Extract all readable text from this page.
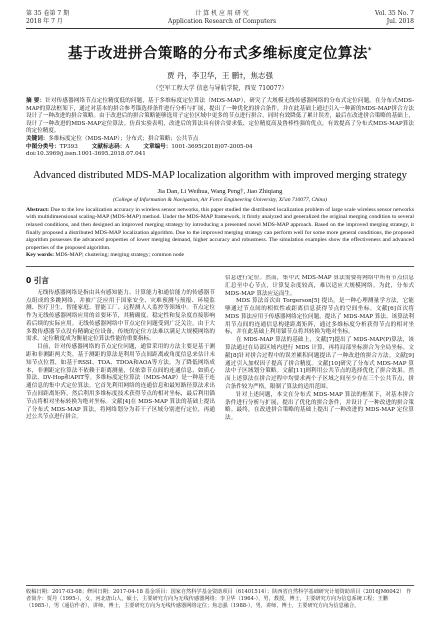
第 35 卷第 7 期
2018 年 7 月
计 算 机 应 用 研 究
Application Research of Computers
Vol. 35 No. 7
Jul. 2018
基于改进拼合策略的分布式多维标度定位算法*
贾 丹，李卫华，王 鹏†，焦志强
（空军工程大学 信息与导航学院，西安 710077）
摘 要：针对传感器网络节点定位精度低的问题，基于多维标度定位算法（MDS-MAP），研究了大规模无线传感器网络的分布式定位问题。在分布式MDS-MAP的算法框架下，通过对基本的拼合参考锚选择条件进行分析与扩展，提出了一种优化的拼合条件，并在此基础上通过引入一种新的MDS-MAP拼合方法设计了一种改进的拼合策略。由于改进后的拼合策略能够选用子定位区域中更多的节点进行拼合，同时有效降低了累计误差，最后在改进拼合策略的基础上，设计了一种改进的MDS-MAP定位算法。仿真实验表明，改进后的算法具有拼合要求低、定位精度高及鲁棒性强的优点，有效提高了分布式MDS-MAP算法的定位精度。
关键词：多维标度定位（MDS-MAP）；分布式；拼合策略；公共节点
中图分类号：TP393	文献标志码：A	文章编号：1001-3695(2018)07-2005-04
doi:10.3969/j.issn.1001-3695.2018.07.041
Advanced distributed MDS-MAP localization algorithm with improved merging strategy
Jia Dan, Li Weihua, Wang Peng†, Jiao Zhiqiang
(College of Information & Navigation, Air Force Engineering University, Xi'an 710077, China)
Abstract: Due to the low localization accuracy in wireless sensor networks, this paper studied the distributed localization problem of large scale wireless sensor networks with multidimensional scaling-MAP (MDS-MAP) method. Under the MDS-MAP framework, it firstly analyzed and generalized the original merging condition to several relaxed conditions, and then designed an improved merging strategy by introducing a presented novel MDS-MAP approach. Based on the improved merging strategy, it finally proposed a distributed MDS-MAP localization algorithm. Due to the improved merging strategy can perform well for some more general conditions, the proposed algorithm possesses the advanced properties of lower merging demand, higher accuracy and robustness. The simulation examples show the effectiveness and advanced properties of the proposed algorithm.
Key words: MDS-MAP; clustering; merging strategy; common node
0 引言

无线传感器网络是指由具有感知能力、计算能力和通信能力的传感器节点组成的多跳网络，并被广泛应用于国家安全、灾难预测与预报、环境监测、医疗卫生、智能家庭、智能工厂、远程测人人监控等领域中。节点定位作为无线传感器网络应用的首要环节，其精确度、稳定性和复杂度直接影响着后续的实际应用。无线传感器网络中节点定位问题受到广泛关注。由于大多数传感器节点没有精确定位设备，传统的定位方法难以满足大规模网络的需求。定位精度成为衡量定位算法性能的重要指标。

目前，针对传感器网络的节点定位问题，通常采用的方法主要是基于测距和非测距两大类。基于测距的算法是利用节点间距离或角度信息来估计未知节点位置，如基于RSSI、TOA、TDOA和AOA等方法。为了降低网络成本，非测距定位算法不依赖于距离测量，仅依靠节点间的连通信息，如质心算法、DV-Hop和APIT等。多维标度定位算法（MDS-MAP）是一种基于连通信息的集中式定位算法。它首先利用网络的连通信息和最短路径算法求出节点间距离矩阵，然后利用多维标度技术获得节点的相对坐标，最后利用锚节点将相对坐标转换为绝对坐标。文献[4]在 MDS-MAP 算法的基础上提出了分布式 MDS-MAP 算法，将网络划分为若干子区域分别进行定位，再通过公共节点进行拼合。

信息进行定位。然而，集中式 MDS-MAP 算法需要将网络中所有节点信息汇总至中心节点，计算复杂度较高，难以适应大规模网络。为此，分布式 MDS-MAP 算法应运而生。

MDS 算法首次由 Torgerson[5] 提出，是一种心理测量学方法，它能够通过节点间的相似性或距离信息获得节点的空间坐标。文献[6]首次将 MDS 算法应用于传感器网络定位问题，提出了 MDS-MAP 算法。该算法利用节点间的连通信息构建距离矩阵，通过多维标度分析获得节点的相对坐标，并在此基础上利用锚节点将其转换为绝对坐标。

在 MDS-MAP 算法的基础上，文献[7]提出了 MDS-MAP(P)算法，该算法通过在局部区域内进行 MDS 计算，再将局部坐标拼合为全局坐标。文献[8]针对拼合过程中的误差累积问题提出了一种改进的拼合方法。文献[9]通过引入加权因子提高了拼合精度。文献[10]研究了分布式 MDS-MAP 算法中子区域划分策略。文献[11]则利用公共节点的选择优化了拼合效果。然而上述算法在拼合过程中均要求两个子区域之间至少存在三个公共节点，拼合条件较为严格，限制了算法的适用范围。

针对上述问题，本文在分布式 MDS-MAP 算法的框架下，对基本拼合条件进行分析与扩展，提出了优化的拼合条件，并设计了一种改进的拼合策略。最终，在改进拼合策略的基础上提出了一种改进的 MDS-MAP 定位算法。

收稿日期：2017-03-08；修回日期：2017-04-18 基金项目：国家自然科学基金资助项目（61401514）；陕西省自然科学基础研究计划资助项目（2016JM6042） 作者简介：贾丹（1995-），女，河北唐山人，硕士，主要研究方向为无线传感器网络；李卫华（1964-），男，教授，博士，主要研究方向为信息系统工程；王鹏（1985-），男（通信作者），讲师，博士，主要研究方向为无线传感器网络定位；焦志强（1988-），男，讲师，博士，主要研究方向为信息融合。
